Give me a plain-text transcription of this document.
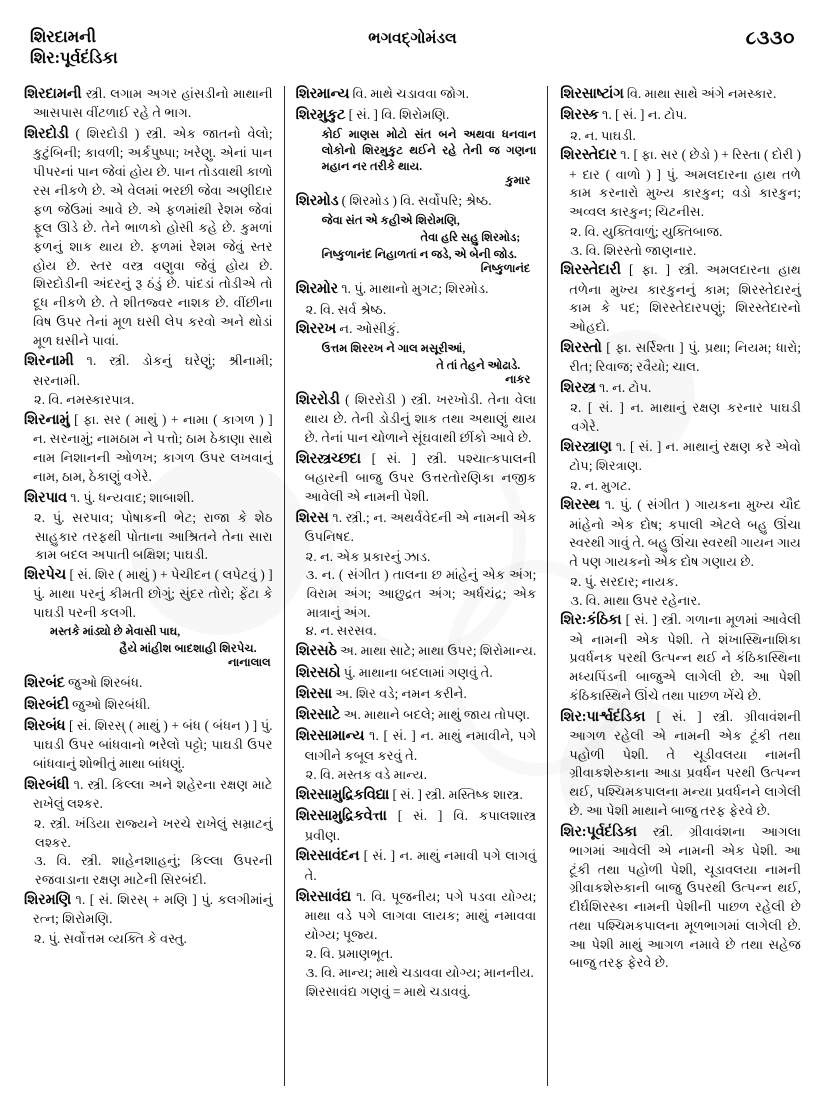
શિરદામની
શિર:પૂર્વદંડિકા
ભગવદ્ગોમંડલ	૮૩૩૦

શિરદામની સ્ત્રી. લગામ અગર હાંસડીનો માથાની આસપાસ વીંટળાઈ રહે તે ભાગ.

શિરદોડી ( શિરદોડી ) સ્ત્રી. એક જાતનો વેલો; કુટુંબિની; કાવળી; અર્કપુષ્પા; ખરેણુ. એનાં પાન પીપરનાં પાન જેવાં હોય છે. પાન તોડવાથી કાળો રસ નીકળે છે. એ વેલમાં ભરછી જેવા અણીદાર ફળ જેઉમાં આવે છે. એ ફળમાંથી રેશમ જેવાં ફૂલ ઊડે છે. તેને ભાળકો હોસી કહે છે. કુમળાં ફળનું શાક થાય છે. ફળમાં રેશમ જેવું સ્તર હોય છે. સ્તર વસ્ત્ર વણુવા જેવું હોય છે. શિરદોડીની અંદરનું રૂ ઠંડું છે. પાંદડાં તોડીએ તો દૂધ નીકળે છે. તે શીતજ્વર નાશક છે. વીંછીના વિષ ઉપર તેનાં મૂળ ઘસી લેપ કરવો અને થોડાં મૂળ ઘસીને પાવાં.

શિરનામી ૧. સ્ત્રી. ડોકનું ઘરેણું; શ્રીનામી; સરનામી.

૨. વિ. નમસ્કારપાત્ર.

શિરનામું [ ફા. સર ( માથું ) + નામા ( કાગળ ) ] ન. સરનામું; નામઠામ ને પત્તો; ઠામ ઠેકાણા સાથે નામ નિશાનની ઓળખ; કાગળ ઉપર લખવાનું નામ, ઠામ, ઠેકાણું વગેરે.

શિરપાવ ૧. પું. ધન્યવાદ; શાબાશી.

૨. પું. સરપાવ; પોષાકની ભેટ; રાજા કે શેઠ સાહુકાર તરફથી પોતાના આશ્રિતને તેના સારા કામ બદલ અપાતી બક્ષિશ; પાઘડી.

શિરપેચ [ સં. શિર ( માથું ) + પેચીદન ( લપેટવું ) ] પું. માથા પરનું કીમતી છોગું; સુંદર તોરો; ફેંટા કે પાઘડી પરની કલગી.

મસ્તકે માંડ્યો છે મેવાસી પાઘ,

હૈયે માંહીશ બાદશાહી શિરપેચ.

નાનાલાલ

શિરબંદ જુઓ શિરબંધ.

શિરબંદી જુઓ શિરબંધી.

શિરબંધ [ સં. શિરસ્ ( માથું ) + બંધ ( બંધન ) ] પું. પાઘડી ઉપર બાંધવાનો ભરેલો પટ્ટો; પાઘડી ઉપર બાંધવાનું શોભીતું માથા બાંધણું.

શિરબંધી ૧. સ્ત્રી. કિલ્લા અને શહેરના રક્ષણ માટે રાખેલું લશ્કર.

૨. સ્ત્રી. ખંડિયા રાજ્યને ખરચે રાખેલું સમ્રાટનું લશ્કર.

૩. વિ. સ્ત્રી. શાહેનશાહનું; કિલ્લા ઉપરની રજવાડાના રક્ષણ માટેની સિરબંદી.

શિરમણિ ૧. [ સં. શિરસ્ + મણિ ] પું. કલગીમાંનું રત્ન; શિરોમણિ.

૨. પું. સર્વોત્તમ વ્યક્તિ કે વસ્તુ.

શિરમાન્ય વિ. માથે ચડાવવા જોગ.

શિરમુકુટ [ સં. ] વિ. શિરોમણિ.

કોઈ માણસ મોટો સંત બને અથવા ધનવાન લોકોનો શિરમુકુટ થઈને રહે તેની જ ગણના મહાન નર તરીકે થાય.

કુમાર

શિરમોડ ( શિરમોડ ) વિ. સર્વોપરિ; શ્રેષ્ઠ.

જેવા સંત એ કહીએ શિરોમણિ,

તેવા હરિ સહુ શિરમોડ;

નિષ્કુળાનંદ નિહાળતાં ન જડે, એ બેની જોડ.

નિષ્કુળાનંદ

શિરમોર ૧. પું. માથાનો મુગટ; શિરમોડ.

૨. વિ. સર્વ શ્રેષ્ઠ.

શિરરખ ન. ઓસીકું.

ઉત્તમ શિરરખ ને ગાલ મસૂરીઆં,

તે તાં તેહને ઓઢાડે.

નાકર

શિરરોડી ( શિરરોડી ) સ્ત્રી. ખરખોડી. તેના વેલા થાય છે. તેની ડોડીનું શાક તથા અથાણું થાય છે. તેનાં પાન ચોળાને સૂંઘવાથી છીંકો આવે છે.

શિરસ્ત્રચ્છદા [ સં. ] સ્ત્રી. પશ્ચાત્કપાલની બહારની બાજુ ઉપર ઉત્તરતોરણિકા નજીક આવેલી એ નામની પેશી.

શિરસ ૧. સ્ત્રી.; ન. અથર્વવેદની એ નામની એક ઉપનિષદ.

૨. ન. એક પ્રકારનું ઝાડ.

૩. ન. ( સંગીત ) તાલના છ માંહેનું એક અંગ; વિરામ અંગ; આછુદ્રત અંગ; અર્ધચંદ્ર; એક માત્રાનું અંગ.

૪. ન. સરસવ.

શિરસઠે અ. માથા સાટે; માથા ઉપર; શિરોમાન્ય.

શિરસઠો પું. માથાના બદલામાં ગણવું તે.

શિરસા અ. શિર વડે; નમન કરીને.

શિરસાટે અ. માથાને બદલે; માથું જાય તોપણ.

શિરસામાન્ય ૧. [ સં. ] ન. માથું નમાવીને, પગે લાગીને કબૂલ કરવું તે.

૨. વિ. મસ્તક વડે માન્ય.

શિરસામુદ્રિકવિદ્યા [ સં. ] સ્ત્રી. મસ્તિષ્ક શાસ્ત્ર.

શિરસામુદ્રિકવેત્તા [ સં. ] વિ. કપાલશાસ્ત્ર પ્રવીણ.

શિરસાવંદન [ સં. ] ન. માથું નમાવી પગે લાગવું તે.

શિરસાવંદ્ય ૧. વિ. પૂજનીય; પગે પડવા યોગ્ય; માથા વડે પગે લાગવા લાયક; માથું નમાવવા યોગ્ય; પૂજ્ય.

૨. વિ. પ્રમાણભૂત.

૩. વિ. માન્ય; માથે ચડાવવા યોગ્ય; માનનીય.

શિરસાવંદ્ય ગણવું = માથે ચડાવવું.

શિરસાષ્ટાંગ વિ. માથા સાથે અંગે નમસ્કાર.

શિરસ્ક ૧. [ સં. ] ન. ટોપ.

૨. ન. પાઘડી.

શિરસ્તેદાર ૧. [ ફા. સર ( છેડો ) + રિસ્તા ( દોરી ) + દાર ( વાળો ) ] પું. અમલદારના હાથ તળે કામ કરનારો મુખ્ય કારકુન; વડો કારકુન; અવ્વલ કારકુન; ચિટનીસ.

૨. વિ. યુક્તિવાળું; યુક્તિબાજ.

૩. વિ. શિરસ્તો જાણનાર.

શિરસ્તેદારી [ ફા. ] સ્ત્રી. અમલદારના હાથ તળેના મુખ્ય કારકુનનું કામ; શિરસ્તેદારનું કામ કે પદ; શિરસ્તેદારપણું; શિરસ્તેદારનો ઓહદો.

શિરસ્તો [ ફા. સર્રિશ્તા ] પું. પ્રથા; નિયમ; ધારો; રીત; રિવાજ; રવૈયો; ચાલ.

શિરસ્ત્ર ૧. ન. ટોપ.

૨. [ સં. ] ન. માથાનું રક્ષણ કરનાર પાઘડી વગેરે.

શિરસ્ત્રાણ ૧. [ સં. ] ન. માથાનું રક્ષણ કરે એવો ટોપ; શિરત્રાણ.

૨. ન. મુગટ.

શિરસ્થ ૧. પું. ( સંગીત ) ગાયકના મુખ્ય ચૌદ માંહેનો એક દોષ; કપાલી એટલે બહુ ઊંચા સ્વરથી ગાવું તે. બહુ ઊંચા સ્વરથી ગાયન ગાય તે પણ ગાયકનો એક દોષ ગણાય છે.

૨. પું. સરદાર; નાયક.

૩. વિ. માથા ઉપર રહેનાર.

શિર:કંઠિકા [ સં. ] સ્ત્રી. ગળાના મૂળમાં આવેલી એ નામની એક પેશી. તે શંખાસ્થિનાશિકા પ્રવર્ધનક પરથી ઉત્પન્ન થઈ ને કંઠિકાસ્થિના મધ્યપિંડની બાજુએ લાગેલી છે. આ પેશી કંઠિકાસ્થિને ઊંચે તથા પાછળ ખેંચે છે.

શિર:પાર્શ્વદંડિકા [ સં. ] સ્ત્રી. ગ્રીવાવંશની આગળ રહેલી એ નામની એક ટૂંકી તથા પહોળી પેશી. તે ચૂડીવલયા નામની ગ્રીવાકશેરુકાના આડા પ્રવર્ધન પરથી ઉત્પન્ન થઈ, પશ્ચિમકપાલના મન્યા પ્રવર્ધનને લાગેલી છે. આ પેશી માથાને બાજુ તરફ ફેરવે છે.

શિર:પૂર્વદંડિકા સ્ત્રી. ગ્રીવાવંશના આગલા ભાગમાં આવેલી એ નામની એક પેશી. આ ટૂંકી તથા પહોળી પેશી, ચૂડાવલયા નામની ગ્રીવાકશેરુકાની બાજુ ઉપરથી ઉત્પન્ન થઈ, દીર્ઘશિરસ્કા નામની પેશીની પાછળ રહેલી છે તથા પશ્ચિમકપાલના મૂળભાગમાં લાગેલી છે. આ પેશી માથું આગળ નમાવે છે તથા સહેજ બાજુ તરફ ફેરવે છે.
